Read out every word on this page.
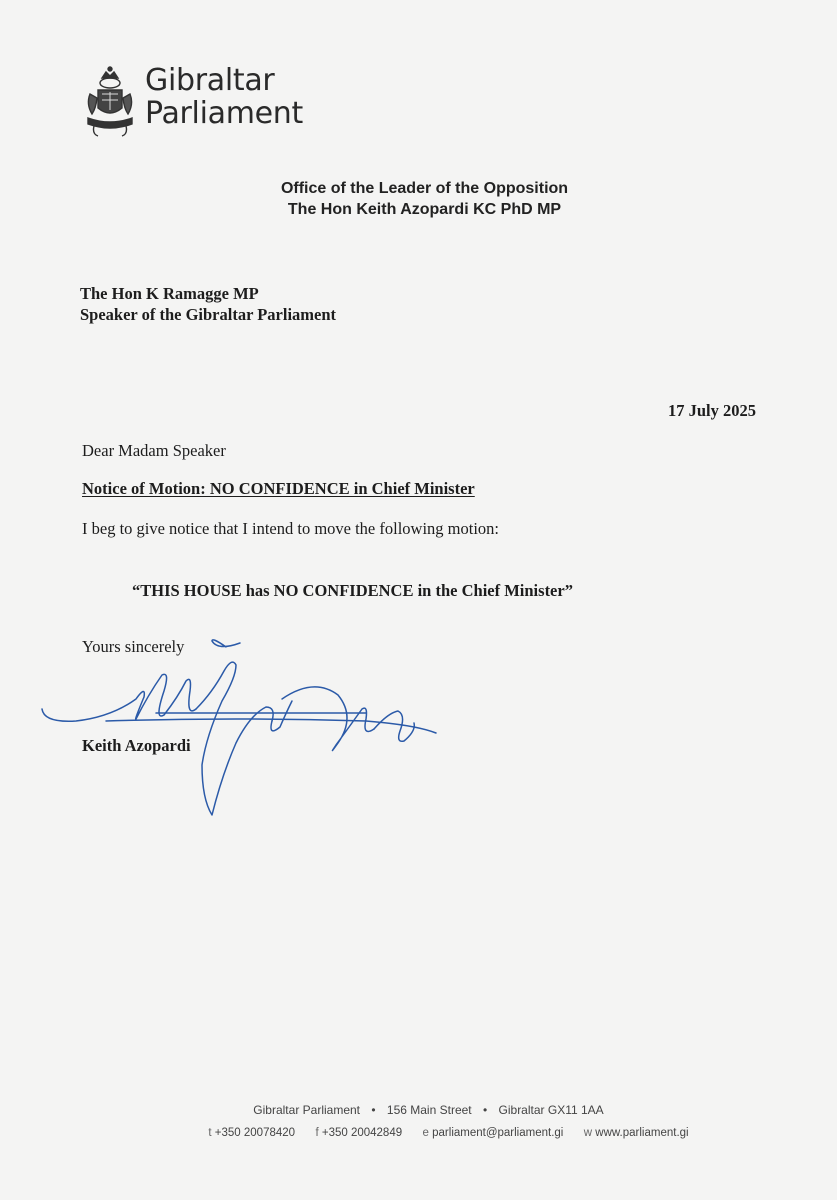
Gibraltar
Parliament
Office of the Leader of the Opposition
The Hon Keith Azopardi KC PhD MP
The Hon K Ramagge MP
Speaker of the Gibraltar Parliament
17 July 2025
Dear Madam Speaker
Notice of Motion: NO CONFIDENCE in Chief Minister
I beg to give notice that I intend to move the following motion:
“THIS HOUSE has NO CONFIDENCE in the Chief Minister”
Yours sincerely
Keith Azopardi
Gibraltar Parliament • 156 Main Street • Gibraltar GX11 1AA
t +350 20078420 f +350 20042849 e parliament@parliament.gi w www.parliament.gi
